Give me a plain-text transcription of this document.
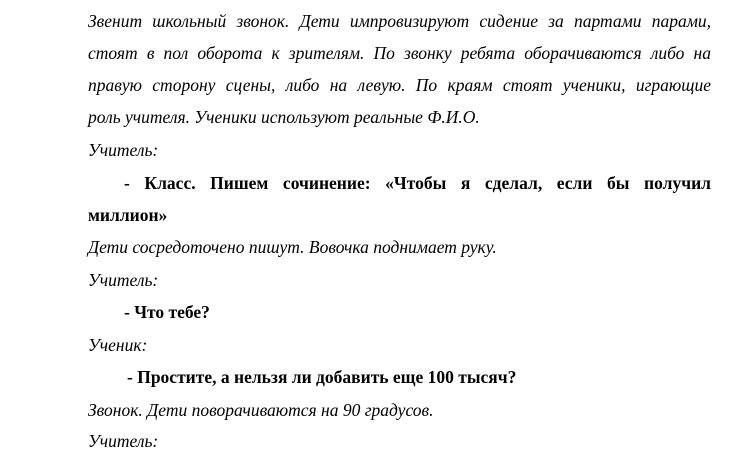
Звенит школьный звонок. Дети импровизируют сидение за партами парами,
стоят в пол оборота к зрителям. По звонку ребята оборачиваются либо на
правую сторону сцены, либо на левую. По краям стоят ученики, играющие
роль учителя. Ученики используют реальные Ф.И.О.
Учитель:
- Класс. Пишем сочинение: «Чтобы я сделал, если бы получил
миллион»
Дети сосредоточено пишут. Вовочка поднимает руку.
Учитель:
- Что тебе?
Ученик:
- Простите, а нельзя ли добавить еще 100 тысяч?
Звонок. Дети поворачиваются на 90 градусов.
Учитель:
